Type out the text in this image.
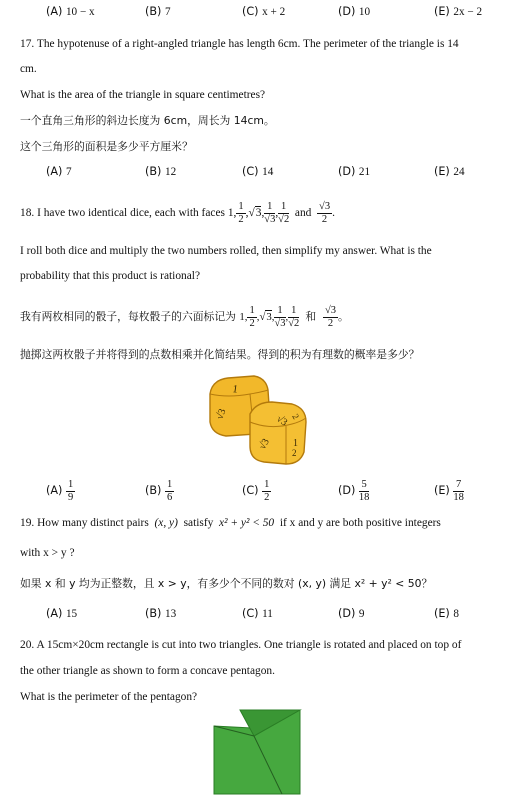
(A) 10 − x	(B) 7	(C) x + 2	(D) 10	(E) 2x − 2
17. The hypotenuse of a right-angled triangle has length 6cm. The perimeter of the triangle is 14
cm.
What is the area of the triangle in square centimetres?
一个直角三角形的斜边长度为 6cm，周长为 14cm。
这个三角形的面积是多少平方厘米？
(A) 7	(B) 12	(C) 14	(D) 21	(E) 24
18. I have two identical dice, each with faces 1, $\frac{1}{2} ,√3$, $\frac{1}{√3}$ , $\frac{1}{√2}$ and $\frac{√3}{2}$ .
I roll both dice and multiply the two numbers rolled, then simplify my answer. What is the
probability that this product is rational?
我有两枚相同的骰子，每枚骰子的六面标记为 1, $\frac{1}{2} ,√3$, $\frac{1}{√3}$ , $\frac{1}{√2}$ 和 $\frac{√3}{2}$ 。
抛掷这两枚骰子并将得到的点数相乘并化简结果。得到的积为有理数的概率是多少？
1
√3	√3 2
√3 1
2
$(A) \frac{1}{9}$	$(B) \frac{1}{6}$	$(C) \frac{1}{2}$	$(D) \frac{5}{18}$	$(E) \frac{7}{18}$
19. How many distinct pairs (x, y) satisfy x² + y² < 50 if x and y are both positive integers
with x > y ?
如果 x 和 y 均为正整数，且 x > y，有多少个不同的数对 (x, y) 满足 x² + y² < 50？
(A) 15	(B) 13	(C) 11	(D) 9	(E) 8
20. A 15cm×20cm rectangle is cut into two triangles. One triangle is rotated and placed on top of
the other triangle as shown to form a concave pentagon.
What is the perimeter of the pentagon?
